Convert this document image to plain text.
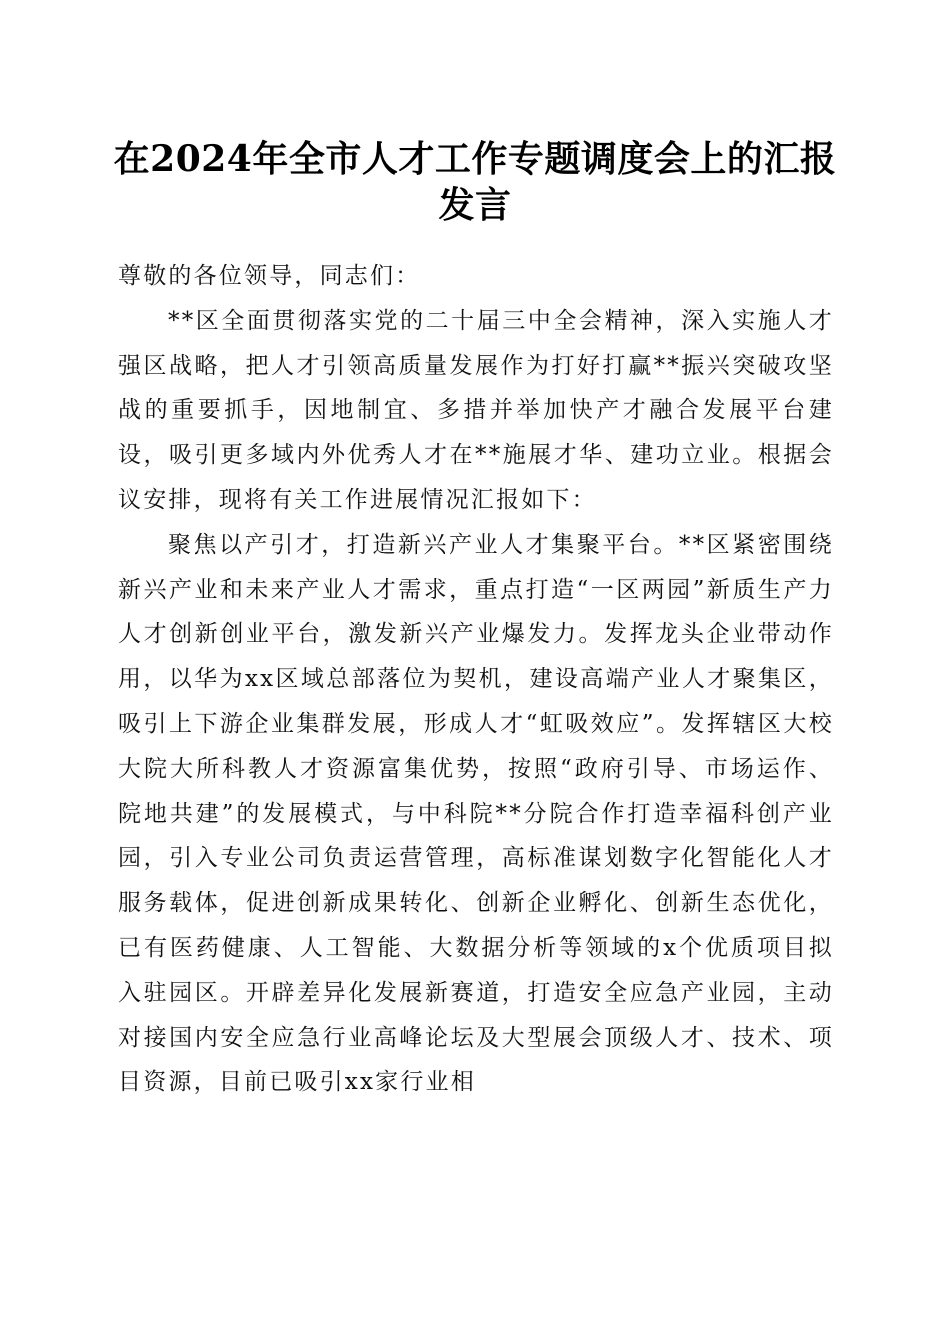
在2024年全市人才工作专题调度会上的汇报
发言

尊敬的各位领导，同志们：

**区全面贯彻落实党的二十届三中全会精神，深入实施人才强区战略，把人才引领高质量发展作为打好打赢**振兴突破攻坚战的重要抓手，因地制宜、多措并举加快产才融合发展平台建设，吸引更多域内外优秀人才在**施展才华、建功立业。根据会议安排，现将有关工作进展情况汇报如下：

聚焦以产引才，打造新兴产业人才集聚平台。**区紧密围绕新兴产业和未来产业人才需求，重点打造“一区两园”新质生产力人才创新创业平台，激发新兴产业爆发力。发挥龙头企业带动作用，以华为xx区域总部落位为契机，建设高端产业人才聚集区，吸引上下游企业集群发展，形成人才“虹吸效应”。发挥辖区大校大院大所科教人才资源富集优势，按照“政府引导、市场运作、院地共建”的发展模式，与中科院**分院合作打造幸福科创产业园，引入专业公司负责运营管理，高标准谋划数字化智能化人才服务载体，促进创新成果转化、创新企业孵化、创新生态优化，已有医药健康、人工智能、大数据分析等领域的x个优质项目拟入驻园区。开辟差异化发展新赛道，打造安全应急产业园，主动对接国内安全应急行业高峰论坛及大型展会顶级人才、技术、项目资源，目前已吸引xx家行业相
